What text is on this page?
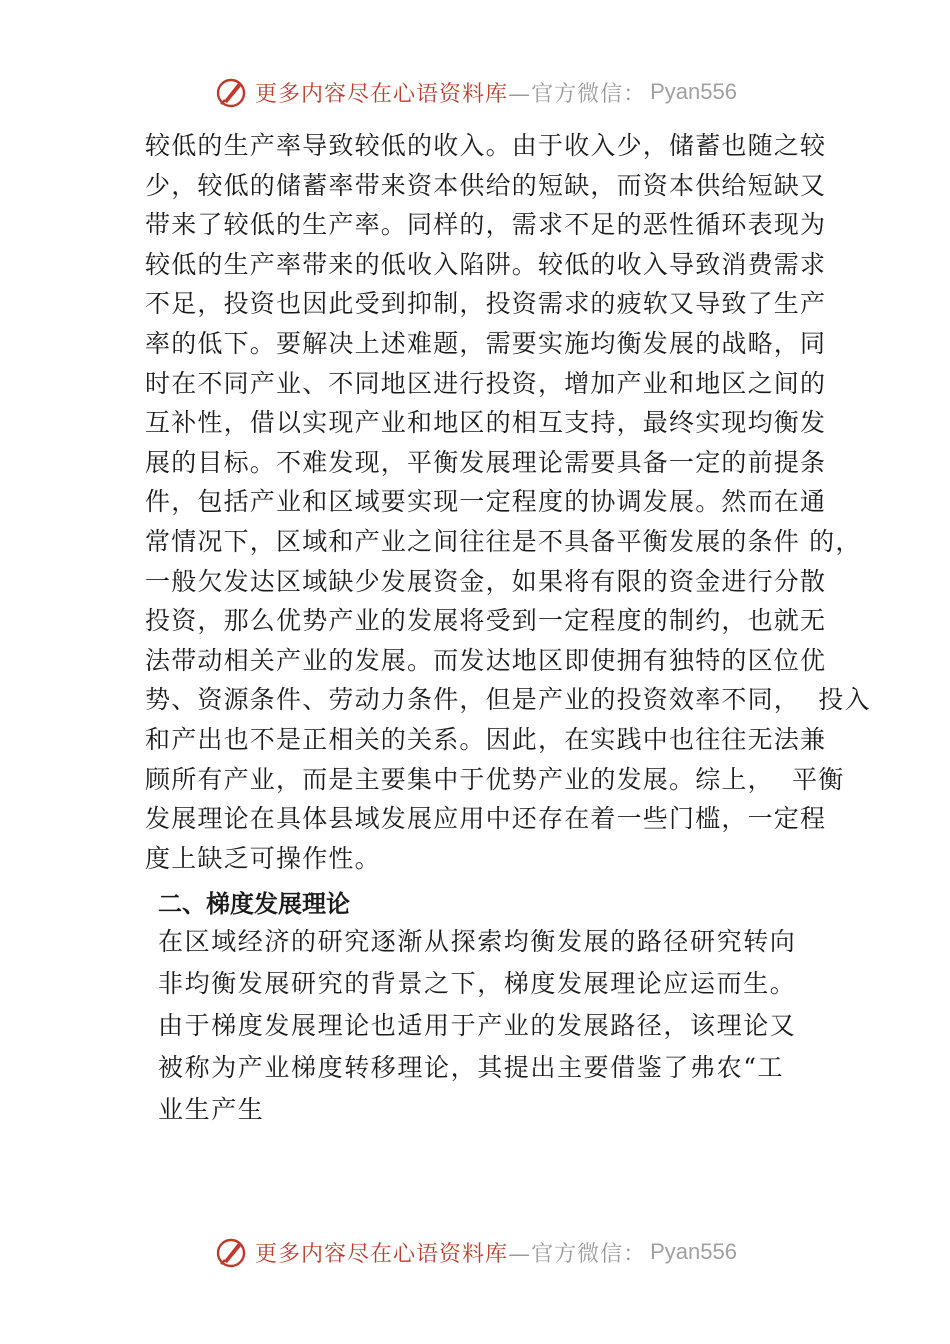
更多内容尽在心语资料库 —官方微信： Pyan556
较低的生产率导致较低的收入。由于收入少，储蓄也随之较
少，较低的储蓄率带来资本供给的短缺，而资本供给短缺又
带来了较低的生产率。同样的，需求不足的恶性循环表现为
较低的生产率带来的低收入陷阱。较低的收入导致消费需求
不足，投资也因此受到抑制，投资需求的疲软又导致了生产
率的低下。要解决上述难题，需要实施均衡发展的战略，同
时在不同产业、不同地区进行投资，增加产业和地区之间的
互补性，借以实现产业和地区的相互支持，最终实现均衡发
展的目标。不难发现，平衡发展理论需要具备一定的前提条
件，包括产业和区域要实现一定程度的协调发展。然而在通
常情况下，区域和产业之间往往是不具备平衡发展的条件 的，
一般欠发达区域缺少发展资金，如果将有限的资金进行分散
投资，那么优势产业的发展将受到一定程度的制约，也就无
法带动相关产业的发展。而发达地区即使拥有独特的区位优
势、资源条件、劳动力条件，但是产业的投资效率不同，  投入
和产出也不是正相关的关系。因此，在实践中也往往无法兼
顾所有产业，而是主要集中于优势产业的发展。综上，  平衡
发展理论在具体县域发展应用中还存在着一些门槛，一定程
度上缺乏可操作性。
二、梯度发展理论
在区域经济的研究逐渐从探索均衡发展的路径研究转向
非均衡发展研究的背景之下，梯度发展理论应运而生。
由于梯度发展理论也适用于产业的发展路径，该理论又
被称为产业梯度转移理论，其提出主要借鉴了弗农“工
业生产生
更多内容尽在心语资料库 —官方微信： Pyan556
